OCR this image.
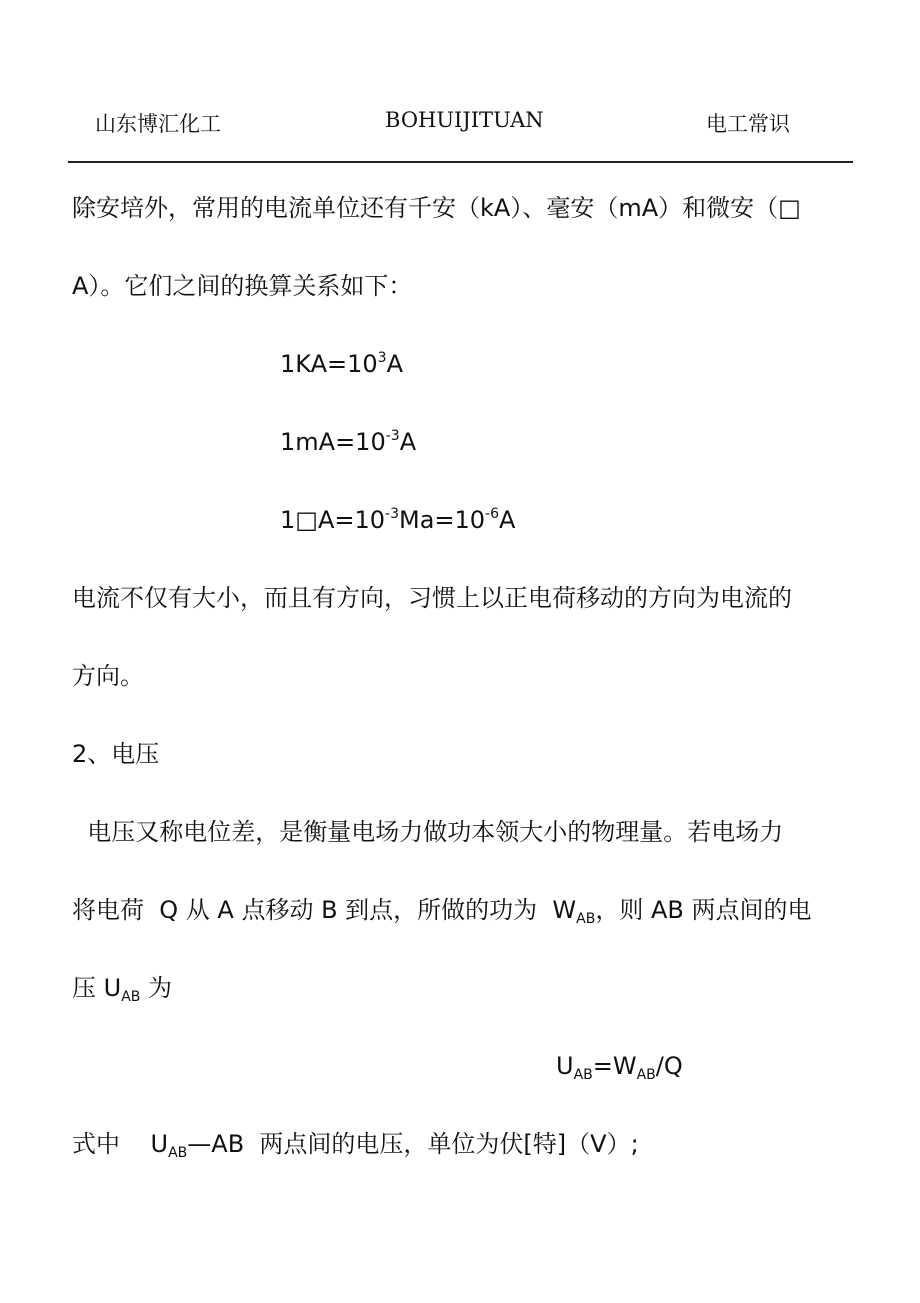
山东博汇化工	BOHUIJITUAN	电工常识
除安培外，常用的电流单位还有千安（kA）、毫安（mA）和微安（□
A）。它们之间的换算关系如下：
$1KA=10^3A$
$1mA=10^{-3}A$
$1□A=10^{-3}Ma=10^{-6}A$
电流不仅有大小，而且有方向，习惯上以正电荷移动的方向为电流的
方向。
2、电压
电压又称电位差，是衡量电场力做功本领大小的物理量。若电场力
将电荷  Q 从 A 点移动 B 到点，所做的功为  $W_{AB}$，则 AB 两点间的电
压 $U_{AB}$ 为
$U_{AB}=W_{AB}/Q$
式中    $U_{AB}—AB$  两点间的电压，单位为伏[特]（V）;
